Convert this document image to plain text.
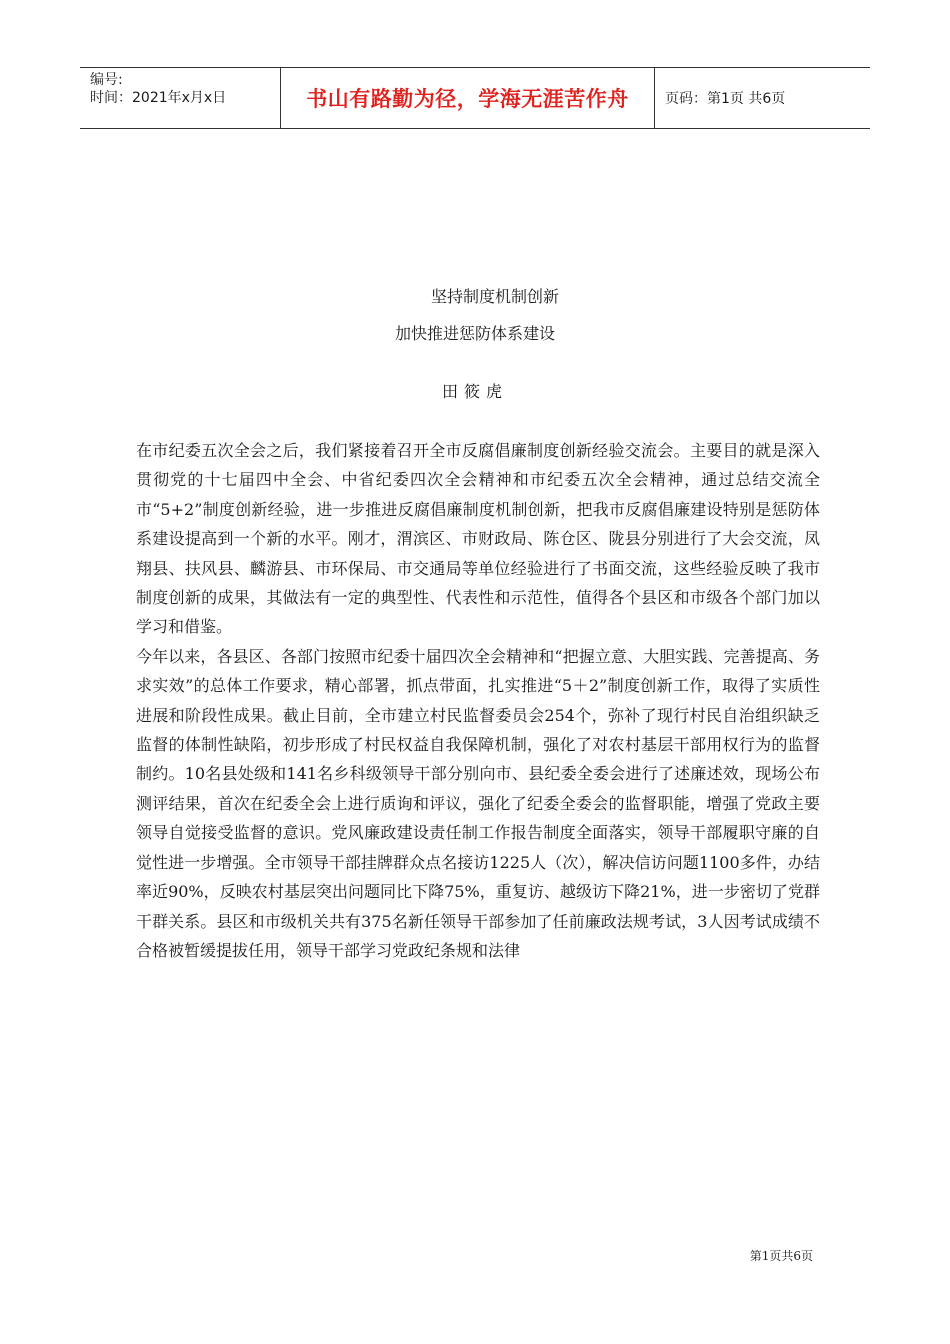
编号:
时间：2021年x月x日	书山有路勤为径，学海无涯苦作舟	页码：第1页 共6页
坚持制度机制创新
加快推进惩防体系建设
田筱虎

在市纪委五次全会之后，我们紧接着召开全市反腐倡廉制度创新经验交流会。主要目的就是深入贯彻党的十七届四中全会、中省纪委四次全会精神和市纪委五次全会精神，通过总结交流全市“5+2”制度创新经验，进一步推进反腐倡廉制度机制创新，把我市反腐倡廉建设特别是惩防体系建设提高到一个新的水平。刚才，渭滨区、市财政局、陈仓区、陇县分别进行了大会交流，凤翔县、扶风县、麟游县、市环保局、市交通局等单位经验进行了书面交流，这些经验反映了我市制度创新的成果，其做法有一定的典型性、代表性和示范性，值得各个县区和市级各个部门加以学习和借鉴。

今年以来，各县区、各部门按照市纪委十届四次全会精神和“把握立意、大胆实践、完善提高、务求实效”的总体工作要求，精心部署，抓点带面，扎实推进“5＋2”制度创新工作，取得了实质性进展和阶段性成果。截止目前，全市建立村民监督委员会254个，弥补了现行村民自治组织缺乏监督的体制性缺陷，初步形成了村民权益自我保障机制，强化了对农村基层干部用权行为的监督制约。10名县处级和141名乡科级领导干部分别向市、县纪委全委会进行了述廉述效，现场公布测评结果，首次在纪委全会上进行质询和评议，强化了纪委全委会的监督职能，增强了党政主要领导自觉接受监督的意识。党风廉政建设责任制工作报告制度全面落实，领导干部履职守廉的自觉性进一步增强。全市领导干部挂牌群众点名接访1225人（次），解决信访问题1100多件，办结率近90%，反映农村基层突出问题同比下降75%，重复访、越级访下降21%，进一步密切了党群干群关系。县区和市级机关共有375名新任领导干部参加了任前廉政法规考试，3人因考试成绩不合格被暂缓提拔任用，领导干部学习党政纪条规和法律

第1页共6页
